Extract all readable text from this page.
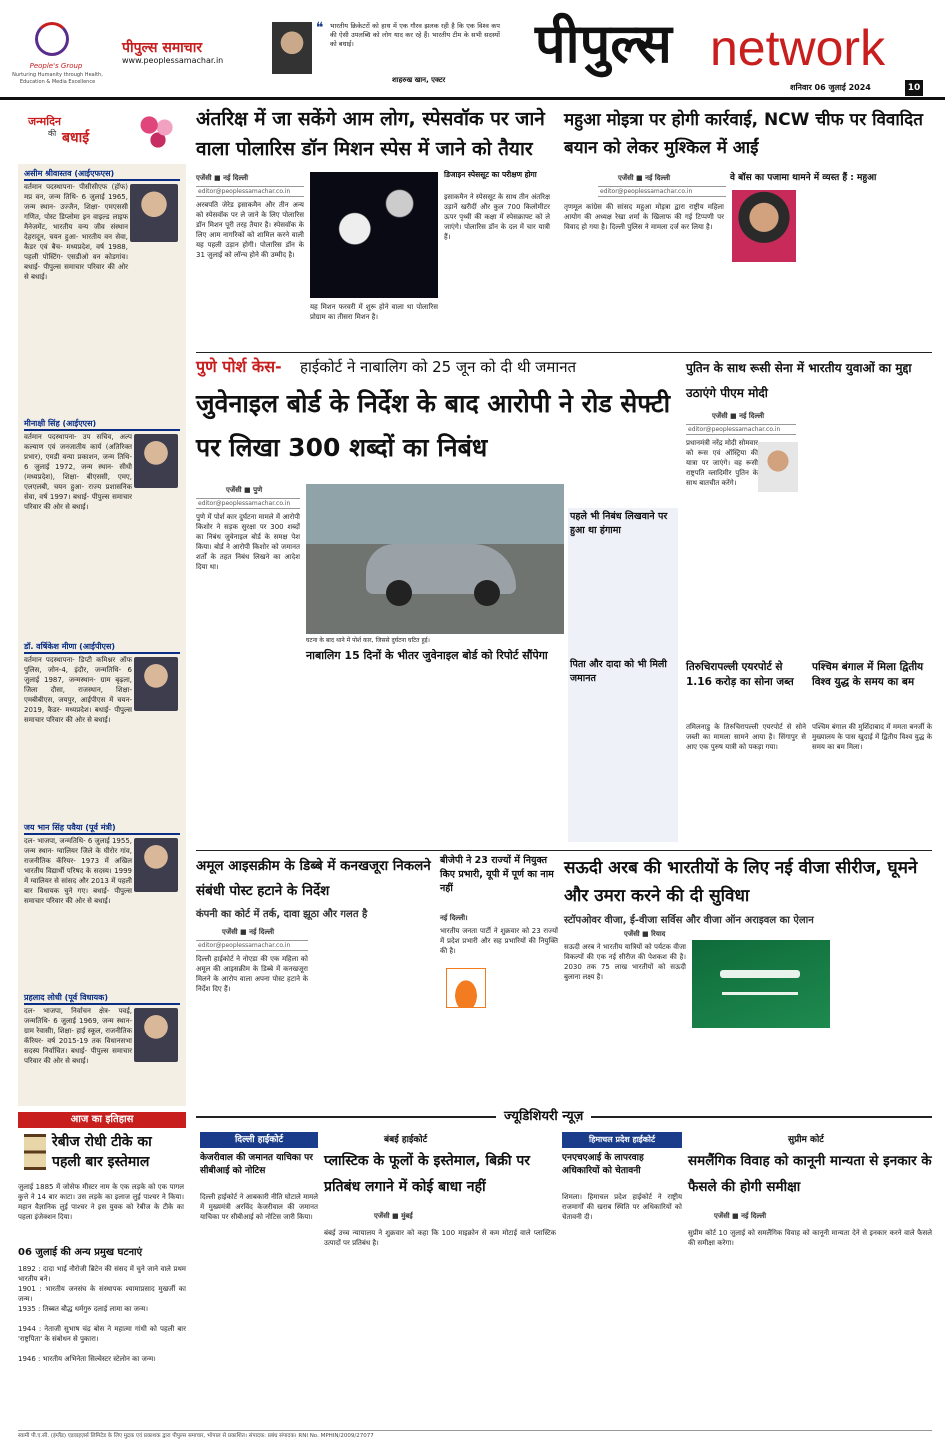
People's Group
Nurturing Humanity through Health, Education & Media Excellence
पीपुल्स समाचार
www.peoplessamachar.in
❝ भारतीय क्रिकेटरों को हाथ में एक गौरव झलक रही है कि एक विश्व कप की ऐसी उपलब्धि को लोग याद कर रहे हैं। भारतीय टीम के सभी सदस्यों को बधाई।
शाहरुख खान, एक्टर
पीपुल्स network
शनिवार 06 जुलाई 2024	10
जन्मदिन
की बधाई
असीम श्रीवास्तव (आईएफएस)
वर्तमान पदस्थापना- पीसीसीएफ (हॉफ) मप्र वन, जन्म तिथि- 6 जुलाई 1965, जन्म स्थान- उज्जैन, शिक्षा- एमएससी गणित, पोस्ट डिप्लोमा इन वाइल्ड लाइफ मैनेजमेंट, भारतीय वन्य जीव संस्थान देहरादून, चयन हुआ- भारतीय वन सेवा, कैडर एवं बैच- मध्यप्रदेश, वर्ष 1988, पहली पोस्टिंग- एसडीओ वन कोडगांव। बधाई- पीपुल्स समाचार परिवार की ओर से बधाई।
मीनाक्षी सिंह (आईएएस)
वर्तमान पदस्थापना- उप सचिव, अल्प कल्याण एवं जनजातीय कार्य (अतिरिक्त प्रभार), एमडी वन्या प्रकाशन, जन्म तिथि- 6 जुलाई 1972, जन्म स्थान- सीधी (मध्यप्रदेश), शिक्षा- बीएससी, एमए, एलएलबी, चयन हुआ- राज्य प्रशासनिक सेवा, वर्ष 1997। बधाई- पीपुल्स समाचार परिवार की ओर से बधाई।
डॉ. वर्षिकेश मीणा (आईपीएस)
वर्तमान पदस्थापना- डिप्टी कमिश्नर ऑफ पुलिस, जोन-4, इंदौर, जन्मतिथि- 6 जुलाई 1987, जन्मस्थान- ग्राम बृढ़ला, जिला दौसा, राजस्थान, शिक्षा- एमबीबीएस, जयपुर, आईपीएस में चयन- 2019, कैडर- मध्यप्रदेश। बधाई- पीपुल्स समाचार परिवार की ओर से बधाई।
जय भान सिंह पवैया (पूर्व मंत्री)
दल- भाजपा, जन्मतिथि- 6 जुलाई 1955, जन्म स्थान- ग्वालियर जिले के घीरोर गांव, राजनीतिक कॅरियर- 1973 में अखिल भारतीय विद्यार्थी परिषद के सदस्य। 1999 में ग्वालियर से सांसद और 2013 में पहली बार विधायक चुने गए। बधाई- पीपुल्स समाचार परिवार की ओर से बधाई।
प्रहलाद लोधी (पूर्व विधायक)
दल- भाजपा, निर्वाचन क्षेत्र- पवई, जन्मतिथि- 6 जुलाई 1969, जन्म स्थान- ग्राम रेवासीा, शिक्षा- हाई स्कूल, राजनीतिक कॅरियर- वर्ष 2015-19 तक विधानसभा सदस्य निर्वाचित। बधाई- पीपुल्स समाचार परिवार की ओर से बधाई।
आज का इतिहास
रेबीज रोधी टीके का पहली बार इस्तेमाल
जुलाई 1885 में जोसेफ मीस्टर नाम के एक लड़के को एक पागल कुत्ते ने 14 बार काटा। उस लड़के का इलाज लुई पाश्चर ने किया। महान वैज्ञानिक लुई पाश्चर ने इस युवक को रेबीज के टीके का पहला इंजेक्शन दिया।
06 जुलाई की अन्य प्रमुख घटनाएं
1892 : दादा भाई नौरोजी ब्रिटेन की संसद में चुने जाने वाले प्रथम भारतीय बने।
1901 : भारतीय जनसंघ के संस्थापक श्यामाप्रसाद मुखर्जी का जन्म।
1935 : तिब्बत बौद्ध धर्मगुरु दलाई लामा का जन्म।
1944 : नेताजी सुभाष चंद्र बोस ने महात्मा गांधी को पहली बार 'राष्ट्रपिता' के संबोधन से पुकारा।
1946 : भारतीय अभिनेता सिल्वेस्टर स्टेलोन का जन्म।
अंतरिक्ष में जा सकेंगे आम लोग, स्पेसवॉक पर जाने वाला पोलारिस डॉन मिशन स्पेस में जाने को तैयार
एजेंसी ■ नई दिल्ली
editor@peoplessamachar.co.in
अरबपति जेरेड इसाकमैन और तीन अन्य को स्पेसवॉक पर ले जाने के लिए पोलारिस डॉन मिशन पूरी तरह तैयार है। स्पेसवॉक के लिए आम नागरिकों को शामिल करने वाली यह पहली उड़ान होगी। पोलारिस डॉन के 31 जुलाई को लॉन्च होने की उम्मीद है।
यह मिशन फरवरी में शुरू होने वाला था पोलारिस प्रोग्राम का तीसरा मिशन है।
डिजाइन स्पेससूट का परीक्षण होगा
इसाकमैन ने स्पेससूट के साथ तीन अंतरिक्ष उड़ानें खरीदीं और कुल 700 किलोमीटर ऊपर पृथ्वी की कक्षा में स्पेसक्राफ्ट को ले जाएंगे। पोलारिस डॉन के दल में चार यात्री हैं।
महुआ मोइत्रा पर होगी कार्रवाई, NCW चीफ पर विवादित बयान को लेकर मुश्किल में आईं
एजेंसी ■ नई दिल्ली
editor@peoplessamachar.co.in
तृणमूल कांग्रेस की सांसद महुआ मोइत्रा द्वारा राष्ट्रीय महिला आयोग की अध्यक्ष रेखा शर्मा के खिलाफ की गई टिप्पणी पर विवाद हो गया है। दिल्ली पुलिस ने मामला दर्ज कर लिया है।
वे बॉस का पजामा थामने में व्यस्त हैं : महुआ
पुणे पोर्श केस- हाईकोर्ट ने नाबालिग को 25 जून को दी थी जमानत
जुवेनाइल बोर्ड के निर्देश के बाद आरोपी ने रोड सेफ्टी पर लिखा 300 शब्दों का निबंध
एजेंसी ■ पुणे
editor@peoplessamachar.co.in
पुणे में पोर्श कार दुर्घटना मामले में आरोपी किशोर ने सड़क सुरक्षा पर 300 शब्दों का निबंध जुवेनाइल बोर्ड के समक्ष पेश किया। बोर्ड ने आरोपी किशोर को जमानत शर्तों के तहत निबंध लिखने का आदेश दिया था।
घटना के बाद थाने में पोर्श कार, जिससे दुर्घटना घटित हुई।
नाबालिग 15 दिनों के भीतर जुवेनाइल बोर्ड को रिपोर्ट सौंपेगा
पहले भी निबंध लिखवाने पर हुआ था हंगामा
पिता और दादा को भी मिली जमानत
पुतिन के साथ रूसी सेना में भारतीय युवाओं का मुद्दा उठाएंगे पीएम मोदी
एजेंसी ■ नई दिल्ली
editor@peoplessamachar.co.in
प्रधानमंत्री नरेंद्र मोदी सोमवार को रूस एवं ऑस्ट्रिया की यात्रा पर जाएंगे। वह रूसी राष्ट्रपति व्लादिमीर पुतिन के साथ बातचीत करेंगे।
तिरुचिरापल्ली एयरपोर्ट से 1.16 करोड़ का सोना जब्त
तमिलनाडु के तिरुचिरापल्ली एयरपोर्ट से सोने जब्ती का मामला सामने आया है। सिंगापुर से आए एक पुरुष यात्री को पकड़ा गया।
पश्चिम बंगाल में मिला द्वितीय विश्व युद्ध के समय का बम
पश्चिम बंगाल की मुर्शिदाबाद में ममता बनर्जी के मुख्यालय के पास खुदाई में द्वितीय विश्व युद्ध के समय का बम मिला।
अमूल आइसक्रीम के डिब्बे में कनखजूरा निकलने संबंधी पोस्ट हटाने के निर्देश
कंपनी का कोर्ट में तर्क, दावा झूठा और गलत है
एजेंसी ■ नई दिल्ली
editor@peoplessamachar.co.in
दिल्ली हाईकोर्ट ने नोएडा की एक महिला को अमूल की आइसक्रीम के डिब्बे में कनखजूरा मिलने के आरोप वाला अपना पोस्ट हटाने के निर्देश दिए हैं।
बीजेपी ने 23 राज्यों में नियुक्त किए प्रभारी, यूपी में पूर्ण का नाम नहीं
नई दिल्ली।
भारतीय जनता पार्टी ने शुक्रवार को 23 राज्यों में प्रदेश प्रभारी और सह प्रभारियों की नियुक्ति की है।
सऊदी अरब की भारतीयों के लिए नई वीजा सीरीज, घूमने और उमरा करने की दी सुविधा
स्टॉपओवर वीजा, ई-वीजा सर्विस और वीजा ऑन अराइवल का ऐलान
एजेंसी ■ रियाद
सऊदी अरब ने भारतीय यात्रियों को पर्यटक वीजा विकल्पों की एक नई सीरीज की पेशकश की है। 2030 तक 75 लाख भारतीयों को सऊदी बुलाना लक्ष्य है।
ज्यूडिशियरी न्यूज़
दिल्ली हाईकोर्ट
केजरीवाल की जमानत याचिका पर सीबीआई को नोटिस
दिल्ली हाईकोर्ट ने आबकारी नीति घोटाले मामले में मुख्यमंत्री अरविंद केजरीवाल की जमानत याचिका पर सीबीआई को नोटिस जारी किया।
बंबई हाईकोर्ट
प्लास्टिक के फूलों के इस्तेमाल, बिक्री पर प्रतिबंध लगाने में कोई बाधा नहीं
एजेंसी ■ मुंबई
बंबई उच्च न्यायालय ने शुक्रवार को कहा कि 100 माइक्रोन से कम मोटाई वाले प्लास्टिक उत्पादों पर प्रतिबंध है।
हिमाचल प्रदेश हाईकोर्ट
एनएचएआई के लापरवाह अधिकारियों को चेतावनी
शिमला। हिमाचल प्रदेश हाईकोर्ट ने राष्ट्रीय राजमार्गों की खराब स्थिति पर अधिकारियों को चेतावनी दी।
सुप्रीम कोर्ट
समलैंगिक विवाह को कानूनी मान्यता से इनकार के फैसले की होगी समीक्षा
एजेंसी ■ नई दिल्ली
सुप्रीम कोर्ट 10 जुलाई को समलैंगिक विवाह को कानूनी मान्यता देने से इनकार करने वाले फैसले की समीक्षा करेगा।
स्वामी पी.ए.सी. (इंग्लैंड) एडवाइज़र्स लिमिटेड के लिए मुद्रक एवं प्रकाशक द्वारा पीपुल्स समाचार, भोपाल से प्रकाशित। संपादक: प्रबंध संपादक। RNI No. MPHIN/2009/27077
